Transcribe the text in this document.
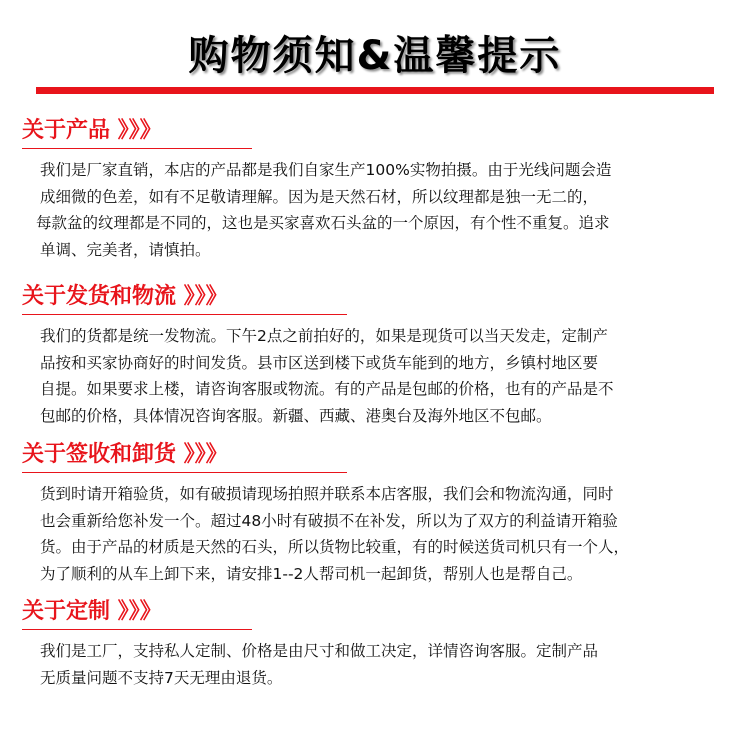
购物须知&温馨提示
关于产品 》》》
我们是厂家直销，本店的产品都是我们自家生产100%实物拍摄。由于光线问题会造
成细微的色差，如有不足敬请理解。因为是天然石材，所以纹理都是独一无二的，
每款盆的纹理都是不同的，这也是买家喜欢石头盆的一个原因，有个性不重复。追求
单调、完美者，请慎拍。
关于发货和物流 》》》
我们的货都是统一发物流。下午2点之前拍好的，如果是现货可以当天发走，定制产
品按和买家协商好的时间发货。县市区送到楼下或货车能到的地方，乡镇村地区要
自提。如果要求上楼，请咨询客服或物流。有的产品是包邮的价格，也有的产品是不
包邮的价格，具体情况咨询客服。新疆、西藏、港奥台及海外地区不包邮。
关于签收和卸货 》》》
货到时请开箱验货，如有破损请现场拍照并联系本店客服，我们会和物流沟通，同时
也会重新给您补发一个。超过48小时有破损不在补发，所以为了双方的利益请开箱验
货。由于产品的材质是天然的石头，所以货物比较重，有的时候送货司机只有一个人，
为了顺利的从车上卸下来，请安排1--2人帮司机一起卸货，帮别人也是帮自己。
关于定制 》》》
我们是工厂，支持私人定制、价格是由尺寸和做工决定，详情咨询客服。定制产品
无质量问题不支持7天无理由退货。
